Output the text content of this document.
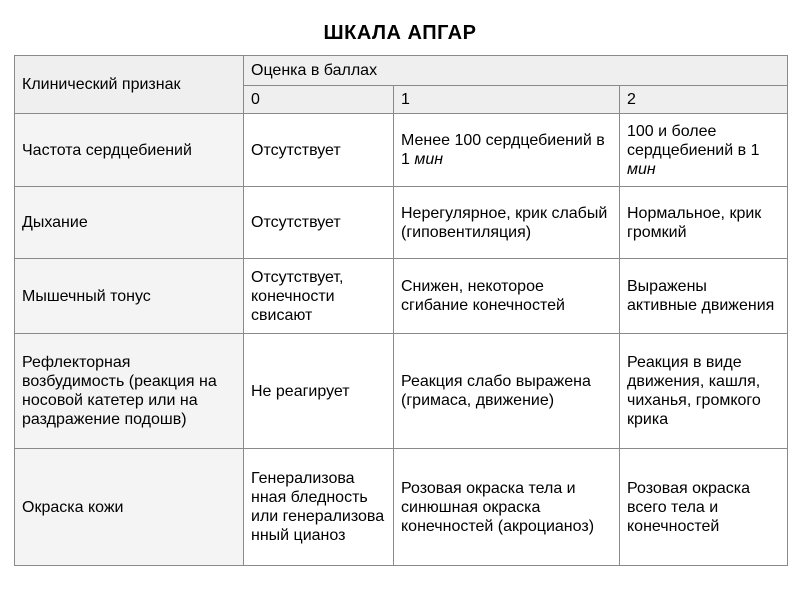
ШКАЛА АПГАР
Клинический признак	Оценка в баллах		
	0	1	2
Частота сердцебиений	Отсутствует	Менее 100 сердцебиений в 1 мин	100 и более сердцебиений в 1 мин
Дыхание	Отсутствует	Нерегулярное, крик слабый (гиповентиляция)	Нормальное, крик громкий
Мышечный тонус	Отсутствует, конечности свисают	Снижен, некоторое сгибание конечностей	Выражены активные движения
Рефлекторная возбудимость (реакция на носовой катетер или на раздражение подошв)	Не реагирует	Реакция слабо выражена (гримаса, движение)	Реакция в виде движения, кашля, чиханья, громкого крика
Окраска кожи	Генерализова нная бледность или генерализова нный цианоз	Розовая окраска тела и синюшная окраска конечностей (акроцианоз)	Розовая окраска всего тела и конечностей
